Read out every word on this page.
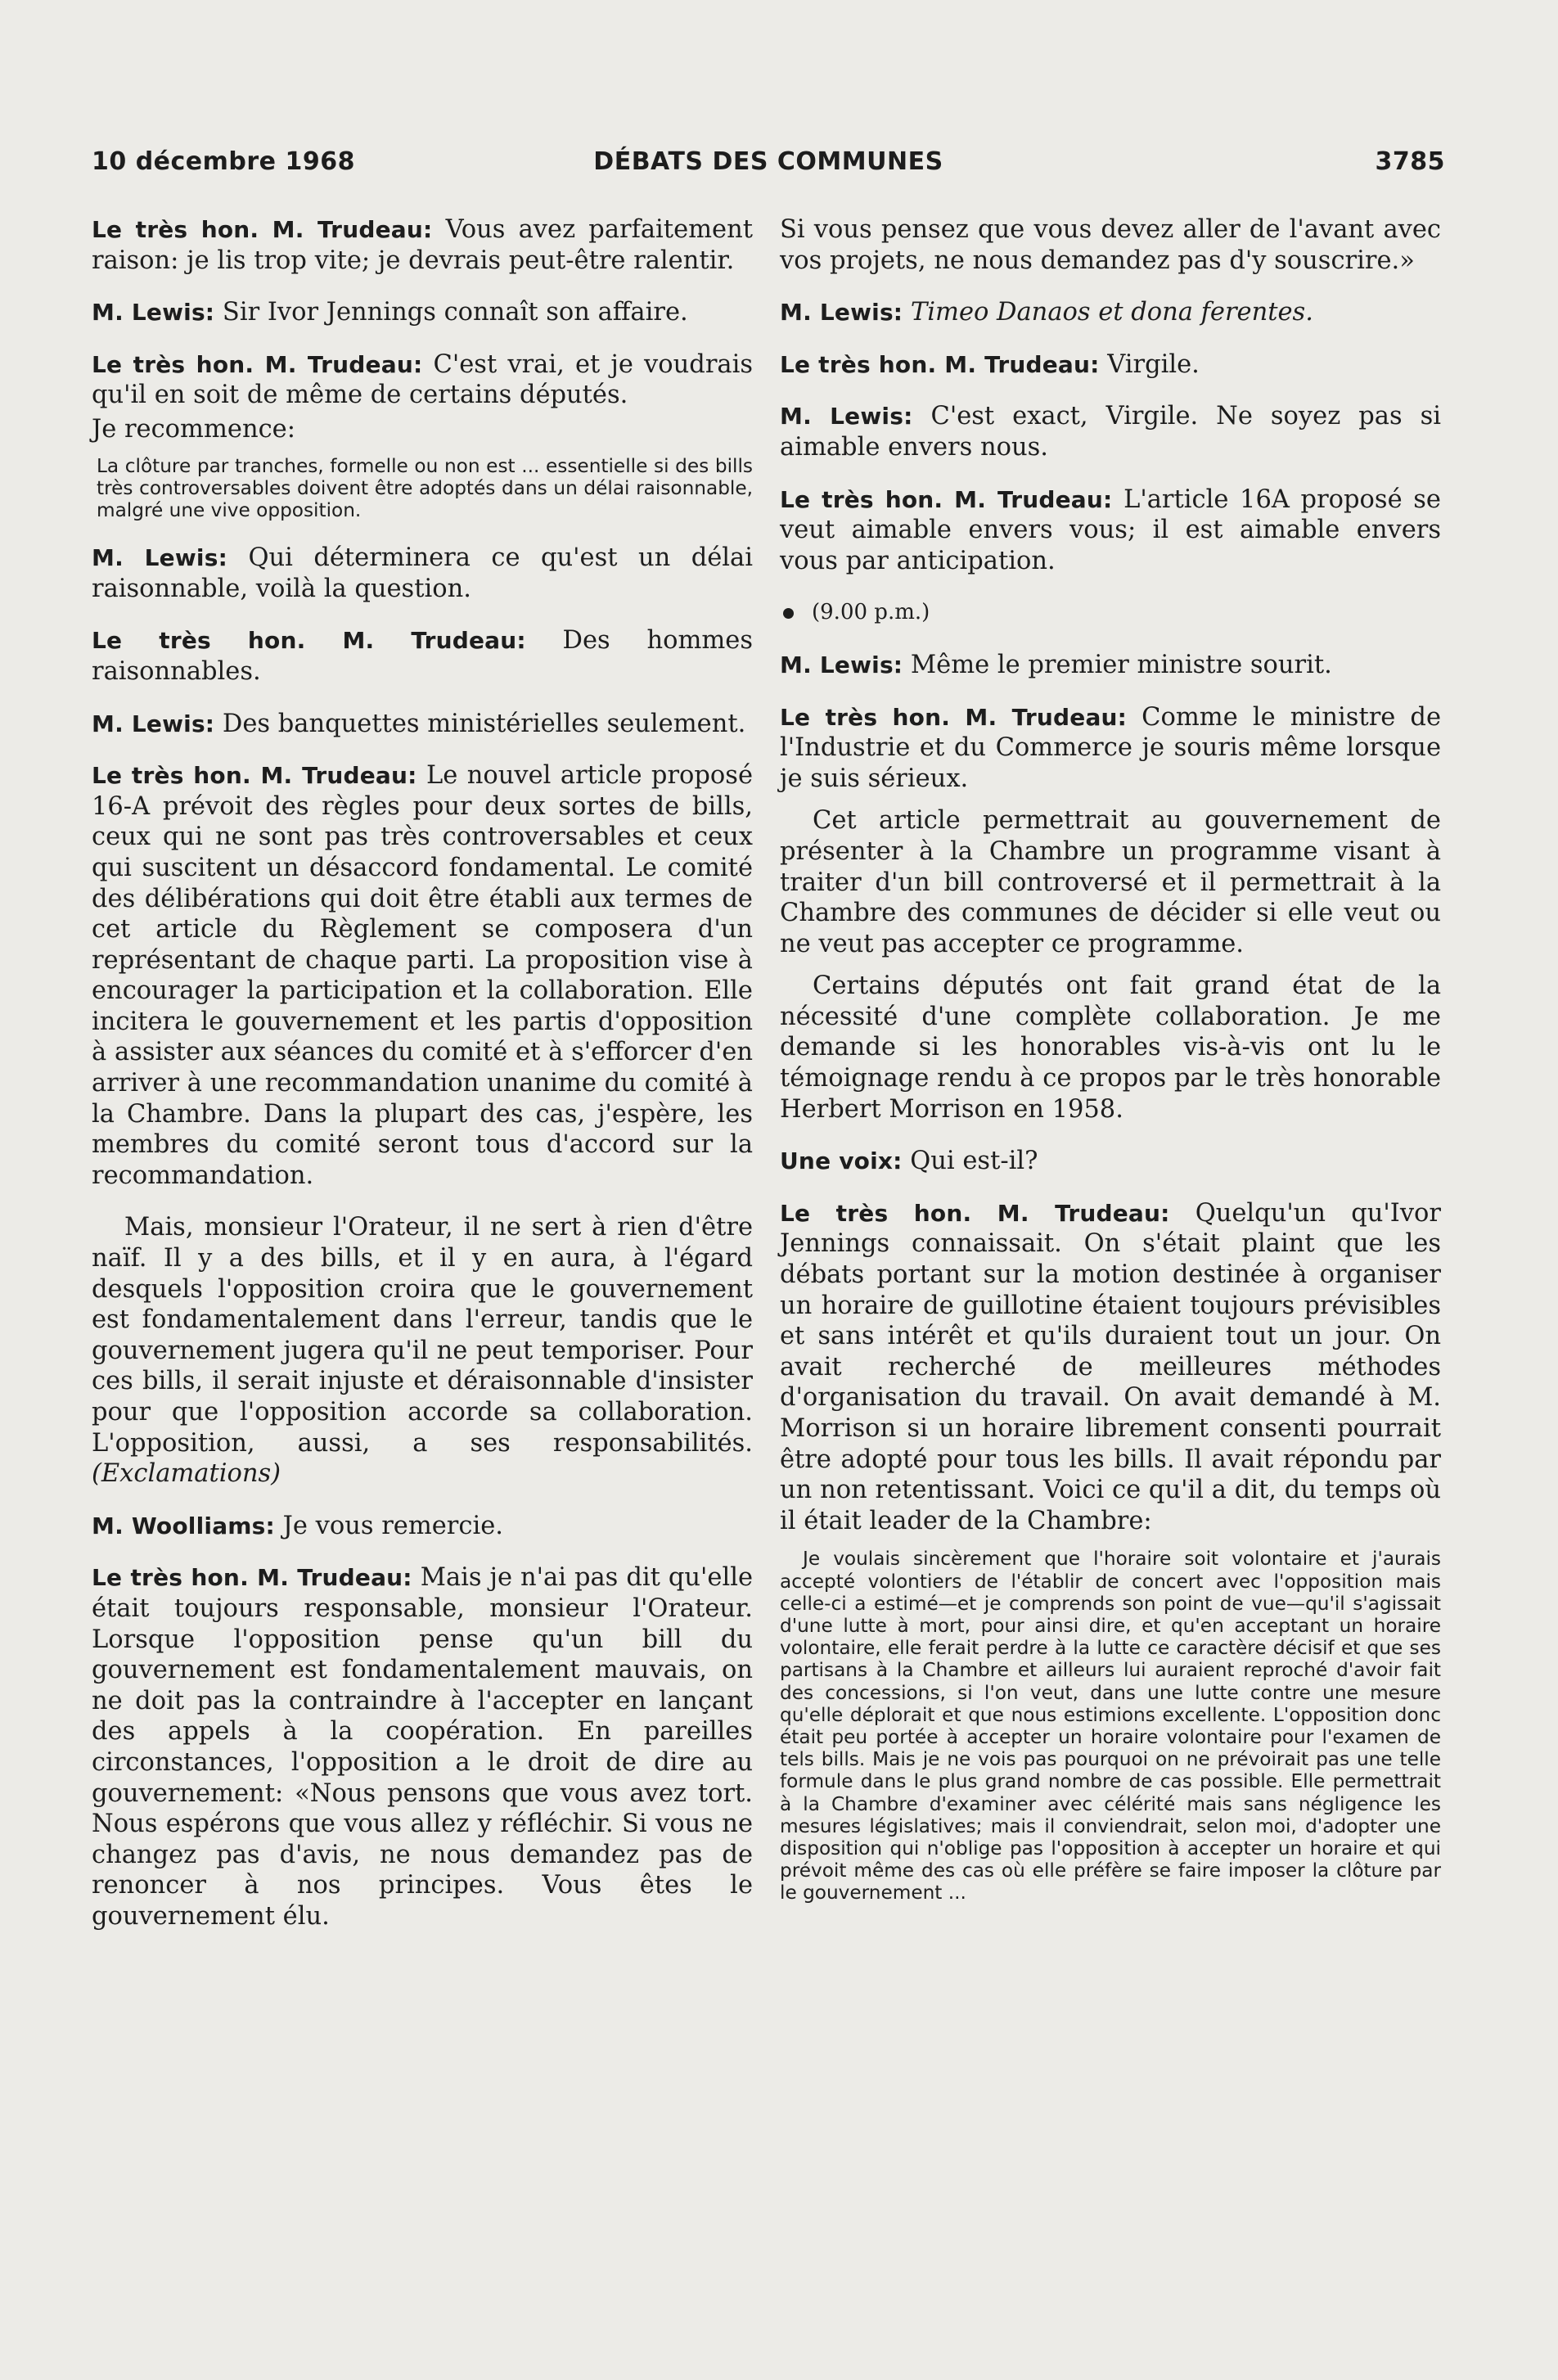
10 décembre 1968	DÉBATS DES COMMUNES	3785

Le très hon. M. Trudeau: Vous avez parfaitement raison: je lis trop vite; je devrais peut-être ralentir.

M. Lewis: Sir Ivor Jennings connaît son affaire.

Le très hon. M. Trudeau: C'est vrai, et je voudrais qu'il en soit de même de certains députés.

Je recommence:

La clôture par tranches, formelle ou non est ... essentielle si des bills très controversables doivent être adoptés dans un délai raisonnable, malgré une vive opposition.

M. Lewis: Qui déterminera ce qu'est un délai raisonnable, voilà la question.

Le très hon. M. Trudeau: Des hommes raisonnables.

M. Lewis: Des banquettes ministérielles seulement.

Le très hon. M. Trudeau: Le nouvel article proposé 16-A prévoit des règles pour deux sortes de bills, ceux qui ne sont pas très controversables et ceux qui suscitent un désaccord fondamental. Le comité des délibérations qui doit être établi aux termes de cet article du Règlement se composera d'un représentant de chaque parti. La proposition vise à encourager la participation et la collaboration. Elle incitera le gouvernement et les partis d'opposition à assister aux séances du comité et à s'efforcer d'en arriver à une recommandation unanime du comité à la Chambre. Dans la plupart des cas, j'espère, les membres du comité seront tous d'accord sur la recommandation.

Mais, monsieur l'Orateur, il ne sert à rien d'être naïf. Il y a des bills, et il y en aura, à l'égard desquels l'opposition croira que le gouvernement est fondamentalement dans l'erreur, tandis que le gouvernement jugera qu'il ne peut temporiser. Pour ces bills, il serait injuste et déraisonnable d'insister pour que l'opposition accorde sa collaboration. L'opposition, aussi, a ses responsabilités. (Exclamations)

M. Woolliams: Je vous remercie.

Le très hon. M. Trudeau: Mais je n'ai pas dit qu'elle était toujours responsable, monsieur l'Orateur. Lorsque l'opposition pense qu'un bill du gouvernement est fondamentalement mauvais, on ne doit pas la contraindre à l'accepter en lançant des appels à la coopération. En pareilles circonstances, l'opposition a le droit de dire au gouvernement: «Nous pensons que vous avez tort. Nous espérons que vous allez y réfléchir. Si vous ne changez pas d'avis, ne nous demandez pas de renoncer à nos principes. Vous êtes le gouvernement élu.

Si vous pensez que vous devez aller de l'avant avec vos projets, ne nous demandez pas d'y souscrire.»

M. Lewis: Timeo Danaos et dona ferentes.

Le très hon. M. Trudeau: Virgile.

M. Lewis: C'est exact, Virgile. Ne soyez pas si aimable envers nous.

Le très hon. M. Trudeau: L'article 16A proposé se veut aimable envers vous; il est aimable envers vous par anticipation.

(9.00 p.m.)

M. Lewis: Même le premier ministre sourit.

Le très hon. M. Trudeau: Comme le ministre de l'Industrie et du Commerce je souris même lorsque je suis sérieux.

Cet article permettrait au gouvernement de présenter à la Chambre un programme visant à traiter d'un bill controversé et il permettrait à la Chambre des communes de décider si elle veut ou ne veut pas accepter ce programme.

Certains députés ont fait grand état de la nécessité d'une complète collaboration. Je me demande si les honorables vis-à-vis ont lu le témoignage rendu à ce propos par le très honorable Herbert Morrison en 1958.

Une voix: Qui est-il?

Le très hon. M. Trudeau: Quelqu'un qu'Ivor Jennings connaissait. On s'était plaint que les débats portant sur la motion destinée à organiser un horaire de guillotine étaient toujours prévisibles et sans intérêt et qu'ils duraient tout un jour. On avait recherché de meilleures méthodes d'organisation du travail. On avait demandé à M. Morrison si un horaire librement consenti pourrait être adopté pour tous les bills. Il avait répondu par un non retentissant. Voici ce qu'il a dit, du temps où il était leader de la Chambre:

Je voulais sincèrement que l'horaire soit volontaire et j'aurais accepté volontiers de l'établir de concert avec l'opposition mais celle-ci a estimé—et je comprends son point de vue—qu'il s'agissait d'une lutte à mort, pour ainsi dire, et qu'en acceptant un horaire volontaire, elle ferait perdre à la lutte ce caractère décisif et que ses partisans à la Chambre et ailleurs lui auraient reproché d'avoir fait des concessions, si l'on veut, dans une lutte contre une mesure qu'elle déplorait et que nous estimions excellente. L'opposition donc était peu portée à accepter un horaire volontaire pour l'examen de tels bills. Mais je ne vois pas pourquoi on ne prévoirait pas une telle formule dans le plus grand nombre de cas possible. Elle permettrait à la Chambre d'examiner avec célérité mais sans négligence les mesures législatives; mais il conviendrait, selon moi, d'adopter une disposition qui n'oblige pas l'opposition à accepter un horaire et qui prévoit même des cas où elle préfère se faire imposer la clôture par le gouvernement ...
